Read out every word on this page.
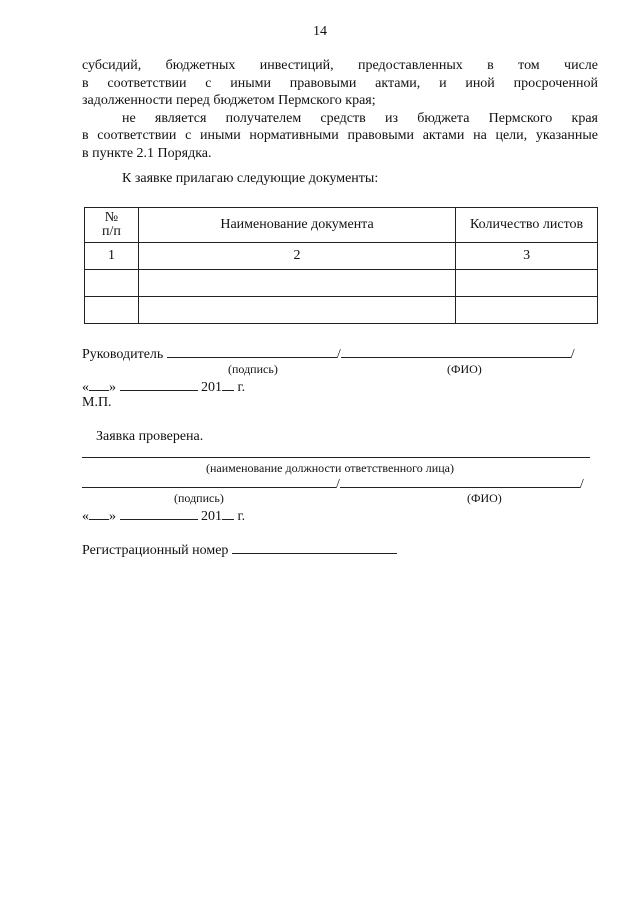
14
субсидий, бюджетных инвестиций, предоставленных в том числе
в соответствии с иными правовыми актами, и иной просроченной
задолженности перед бюджетом Пермского края;
не является получателем средств из бюджета Пермского края
в соответствии с иными нормативными правовыми актами на цели, указанные
в пункте 2.1 Порядка.
К заявке прилагаю следующие документы:
№
п/п	Наименование документа	Количество листов
1	2	3

Руководитель	/	/
(подпись)	(ФИО)
« »	201 г.
М.П.
Заявка проверена.
(наименование должности ответственного лица)
/	/
(подпись)	(ФИО)
« »	201 г.
Регистрационный номер
